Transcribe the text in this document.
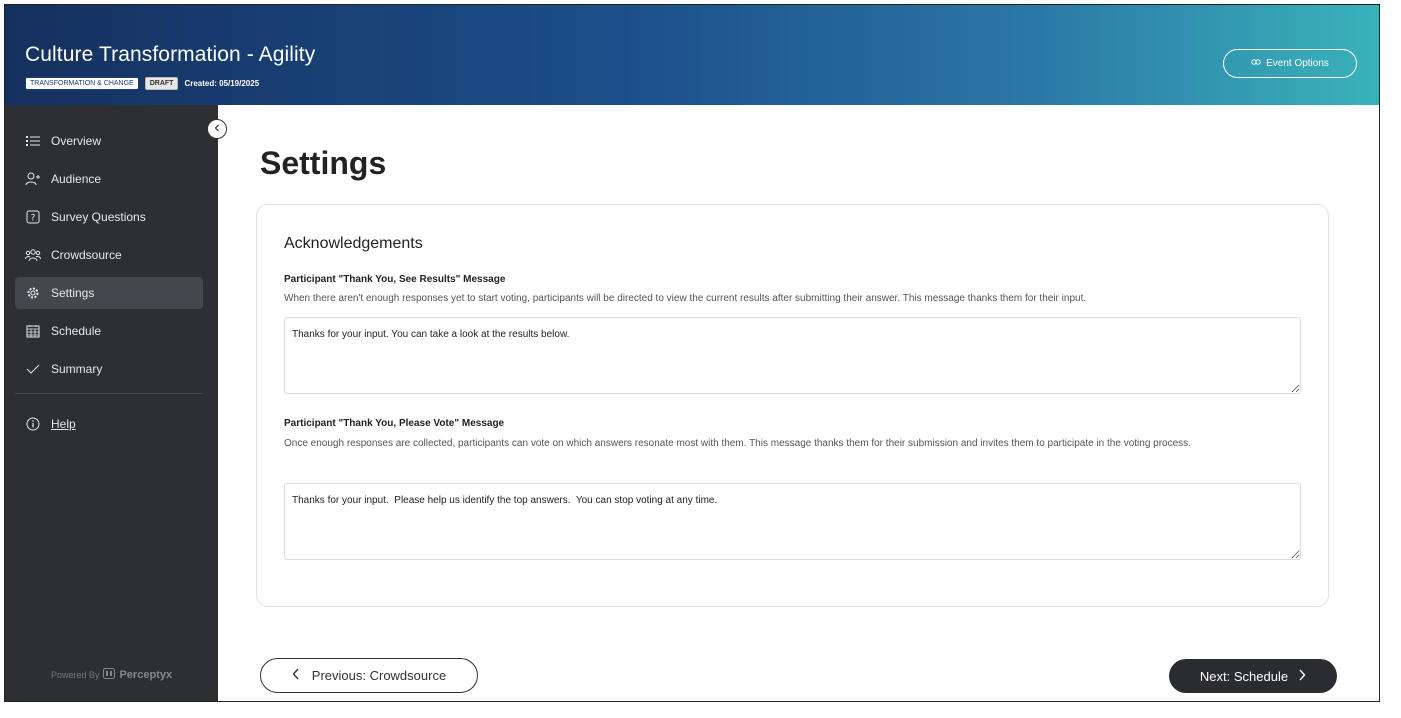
Culture Transformation - Agility
TRANSFORMATION & CHANGE	DRAFT	Created: 05/19/2025
Event Options
Overview
Audience
? Survey Questions
Crowdsource
Settings
Schedule
Summary
Help
Powered By Perceptyx
Settings
Acknowledgements
Participant "Thank You, See Results" Message
When there aren't enough responses yet to start voting, participants will be directed to view the current results after submitting their answer. This message thanks them for their input.
Thanks for your input. You can take a look at the results below.
Participant "Thank You, Please Vote" Message
Once enough responses are collected, participants can vote on which answers resonate most with them. This message thanks them for their submission and invites them to participate in the voting process.
Thanks for your input. Please help us identify the top answers. You can stop voting at any time.
Previous: Crowdsource	Next: Schedule
